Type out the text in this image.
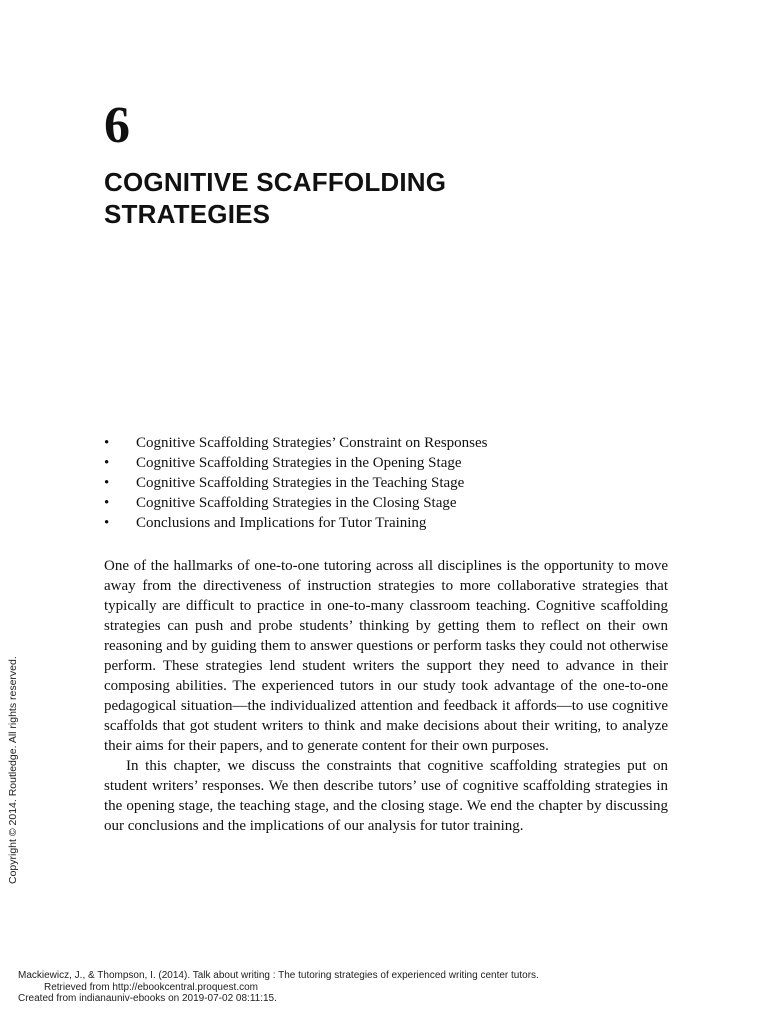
6
COGNITIVE SCAFFOLDING
STRATEGIES
• Cognitive Scaffolding Strategies’ Constraint on Responses
• Cognitive Scaffolding Strategies in the Opening Stage
• Cognitive Scaffolding Strategies in the Teaching Stage
• Cognitive Scaffolding Strategies in the Closing Stage
• Conclusions and Implications for Tutor Training

One of the hallmarks of one-to-one tutoring across all disciplines is the opportunity to move away from the directiveness of instruction strategies to more collaborative strategies that typically are difficult to practice in one-to-many classroom teaching. Cognitive scaffolding strategies can push and probe students’ thinking by getting them to reflect on their own reasoning and by guiding them to answer questions or perform tasks they could not otherwise perform. These strategies lend student writers the support they need to advance in their composing abilities. The experienced tutors in our study took advantage of the one-to-one pedagogical situation—the individualized attention and feedback it affords—to use cognitive scaffolds that got student writers to think and make decisions about their writing, to analyze their aims for their papers, and to generate content for their own purposes.

In this chapter, we discuss the constraints that cognitive scaffolding strategies put on student writers’ responses. We then describe tutors’ use of cognitive scaffolding strategies in the opening stage, the teaching stage, and the closing stage. We end the chapter by discussing our conclusions and the implications of our analysis for tutor training.

Copyright © 2014. Routledge. All rights reserved.
Mackiewicz, J., & Thompson, I. (2014). Talk about writing : The tutoring strategies of experienced writing center tutors.
Retrieved from http://ebookcentral.proquest.com
Created from indianauniv-ebooks on 2019-07-02 08:11:15.
